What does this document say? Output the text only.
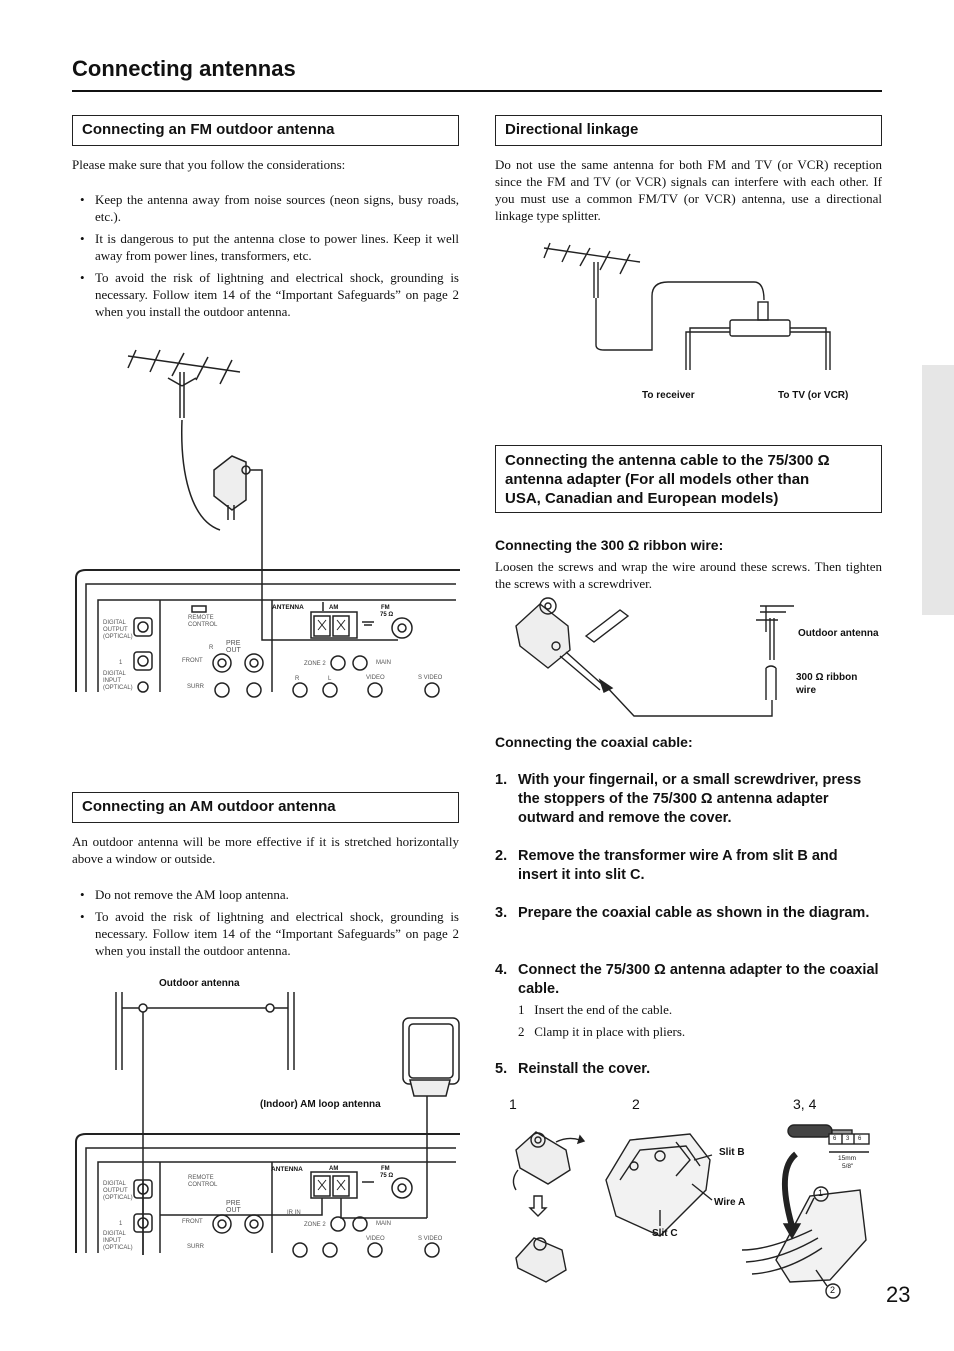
Connecting antennas
Connecting an FM outdoor antenna
Please make sure that you follow the considerations:
• Keep the antenna away from noise sources (neon signs, busy roads, etc.).
• It is dangerous to put the antenna close to power lines. Keep it well away from power lines, transformers, etc.
• To avoid the risk of lightning and electrical shock, grounding is necessary. Follow item 14 of the “Important Safeguards” on page 2 when you install the outdoor antenna.
ANTENNA	AM	FM
75 Ω
DIGITAL OUTPUT (OPTICAL)
1
DIGITAL INPUT (OPTICAL)
REMOTE CONTROL
PRE OUT
R
FRONT
SURR
ZONE 2	MAIN
R	L	VIDEO	S VIDEO
Connecting an AM outdoor antenna
An outdoor antenna will be more effective if it is stretched horizontally above a window or outside.
• Do not remove the AM loop antenna.
• To avoid the risk of lightning and electrical shock, grounding is necessary. Follow item 14 of the “Important Safeguards” on page 2 when you install the outdoor antenna.
Outdoor antenna
(Indoor) AM loop antenna
ANTENNA	AM	FM
75 Ω
DIGITAL OUTPUT (OPTICAL)
1
DIGITAL INPUT (OPTICAL)
REMOTE CONTROL
PRE OUT
FRONT
SURR
IR IN
ZONE 2	MAIN
VIDEO	S VIDEO
Directional linkage
Do not use the same antenna for both FM and TV (or VCR) reception since the FM and TV (or VCR) signals can interfere with each other. If you must use a common FM/TV (or VCR) antenna, use a directional linkage type splitter.
To receiver	To TV (or VCR)
Connecting the antenna cable to the 75/300 Ω
antenna adapter (For all models other than
USA, Canadian and European models)
Connecting the 300 Ω ribbon wire:
Loosen the screws and wrap the wire around these screws. Then tighten the screws with a screwdriver.
Outdoor antenna
300 Ω ribbon wire
Connecting the coaxial cable:
1. With your fingernail, or a small screwdriver, press the stoppers of the 75/300 Ω antenna adapter outward and remove the cover.
2. Remove the transformer wire A from slit B and insert it into slit C.
3. Prepare the coaxial cable as shown in the diagram.
4. Connect the 75/300 Ω antenna adapter to the coaxial cable.
1   Insert the end of the cable.
2   Clamp it in place with pliers.
5. Reinstall the cover.
1	2	3, 4
Slit B
Wire A
Slit C
6 3 6
15mm
5/8"
1
2 23
